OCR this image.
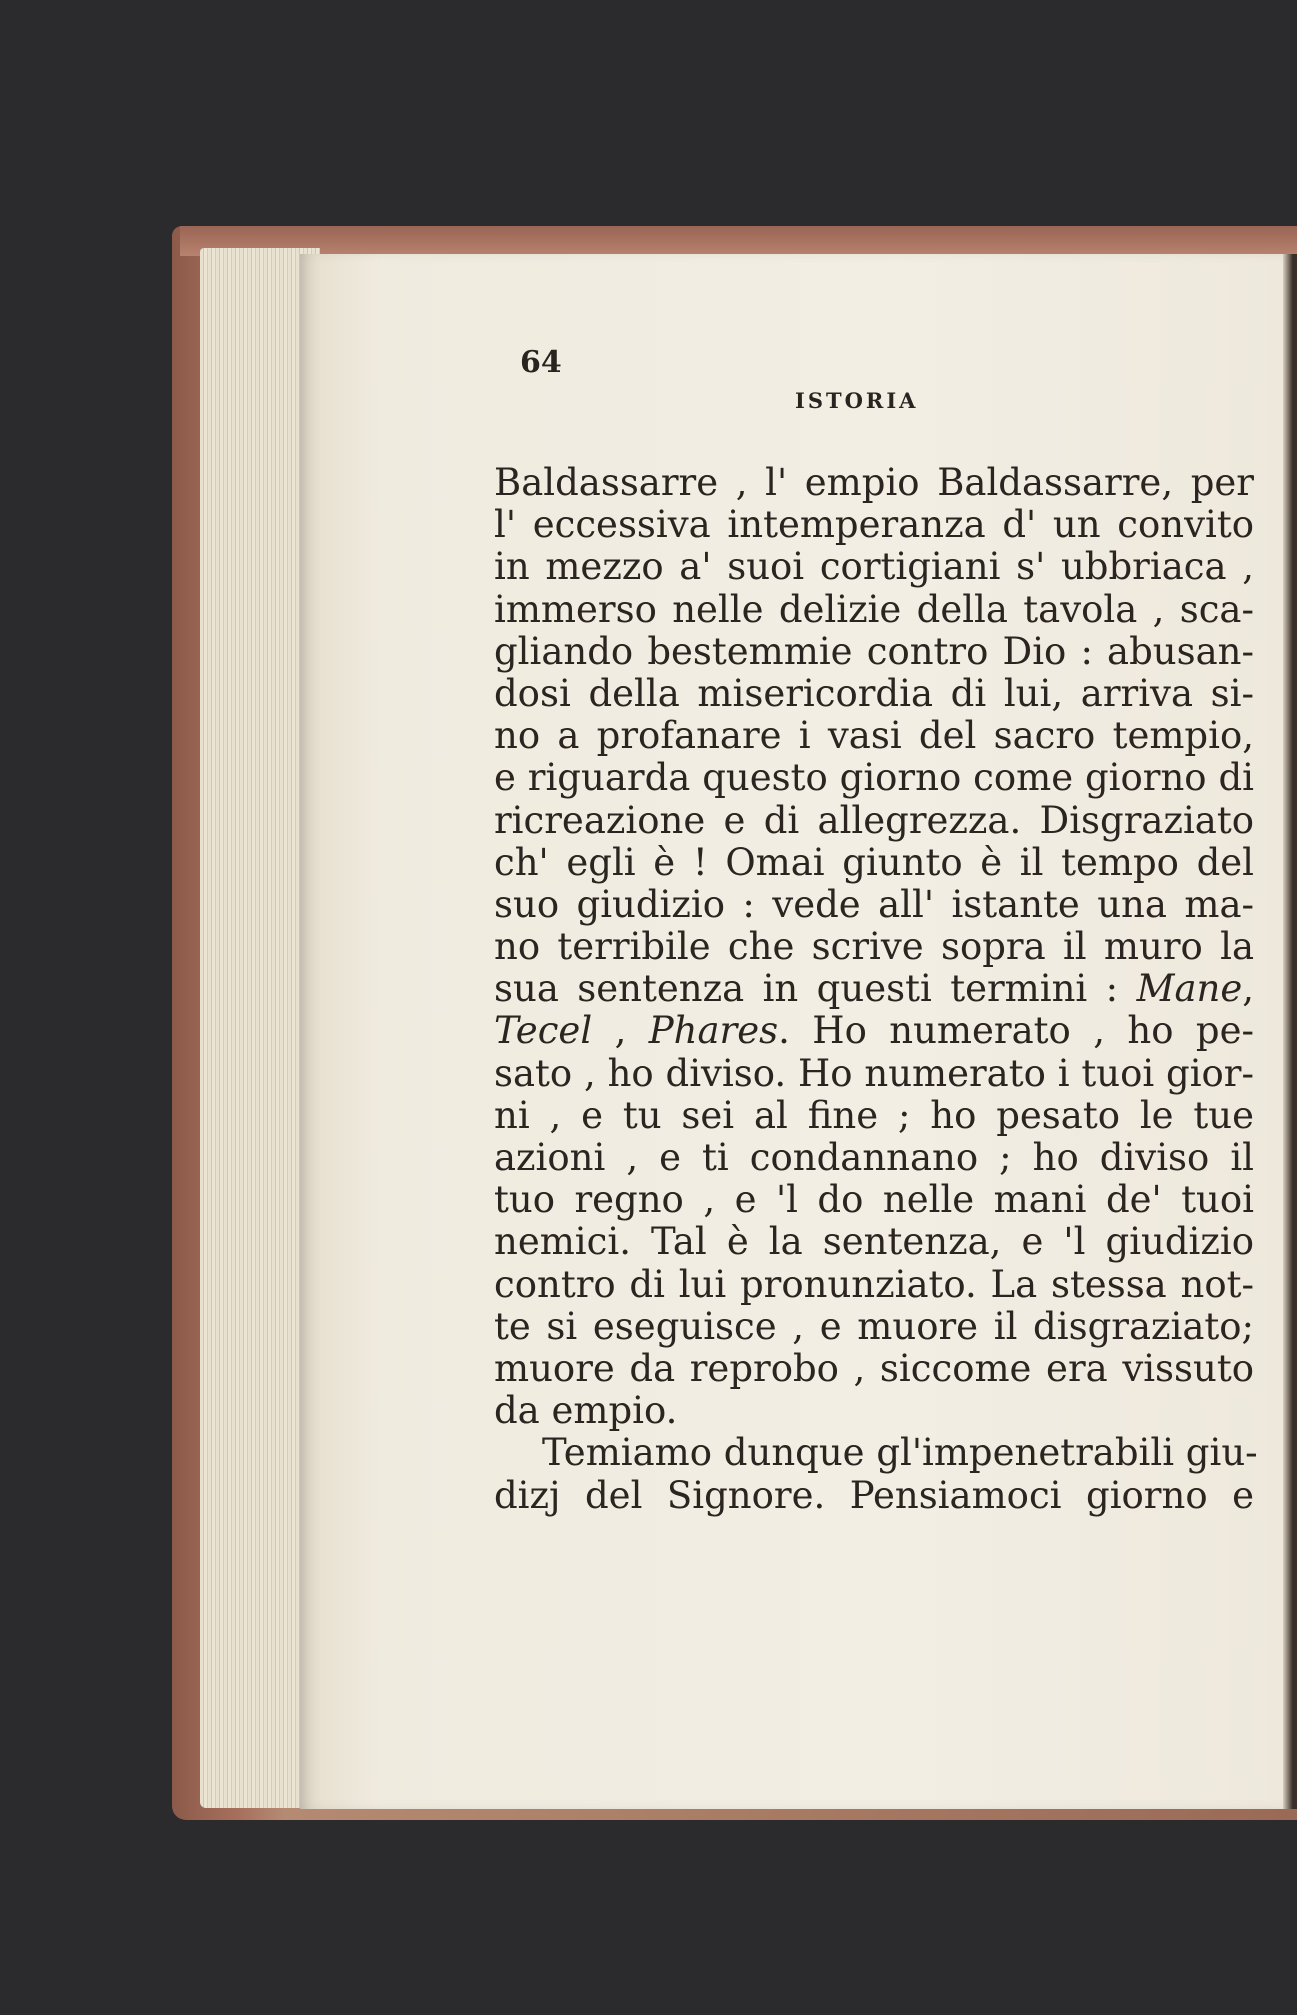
64
ISTORIA
Baldassarre , l' empio Baldassarre, per
l' eccessiva intemperanza d' un convito
in mezzo a' suoi cortigiani s' ubbriaca ,
immerso nelle delizie della tavola , sca-
gliando bestemmie contro Dio : abusan-
dosi della misericordia di lui, arriva si-
no a profanare i vasi del sacro tempio,
e riguarda questo giorno come giorno di
ricreazione e di allegrezza. Disgraziato
ch' egli è ! Omai giunto è il tempo del
suo giudizio : vede all' istante una ma-
no terribile che scrive sopra il muro la
sua sentenza in questi termini : Mane,
Tecel , Phares. Ho numerato , ho pe-
sato , ho diviso. Ho numerato i tuoi gior-
ni , e tu sei al fine ; ho pesato le tue
azioni , e ti condannano ; ho diviso il
tuo regno , e 'l do nelle mani de' tuoi
nemici. Tal è la sentenza, e 'l giudizio
contro di lui pronunziato. La stessa not-
te si eseguisce , e muore il disgraziato;
muore da reprobo , siccome era vissuto
da empio.
Temiamo dunque gl'impenetrabili giu-
dizj del Signore. Pensiamoci giorno e
